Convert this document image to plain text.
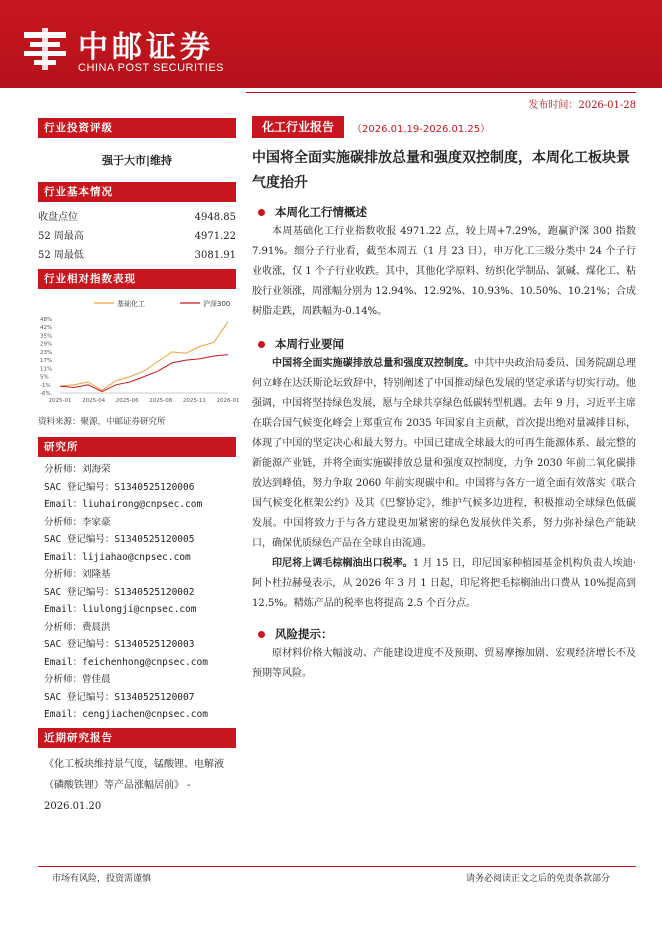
中邮证券
CHINA POST SECURITIES
证券研究报告：基础化工|行业周报
发布时间：2026-01-28
行业投资评级
强于大市|维持
行业基本情况
收盘点位	4948.85
52 周最高	4971.22
52 周最低	3081.91
行业相对指数表现
基础化工	沪深300
48%
42%
35%
29%
23%
17%
11%
5%
-1%
-6%
2025-01 2025-04 2025-06 2025-08 2025-11 2026-01
资料来源：聚源，中邮证券研究所
研究所
分析师：刘海荣
SAC 登记编号：S1340525120006
Email：liuhairong@cnpsec.com
分析师：李家豪
SAC 登记编号：S1340525120005
Email：lijiahao@cnpsec.com
分析师：刘隆基
SAC 登记编号：S1340525120002
Email：liulongji@cnpsec.com
分析师：费晨洪
SAC 登记编号：S1340525120003
Email：feichenhong@cnpsec.com
分析师：曾佳晨
SAC 登记编号：S1340525120007
Email：cengjiachen@cnpsec.com
近期研究报告
《化工板块维持景气度，锰酸锂、电解液（磷酸铁锂）等产品涨幅居前》 - 2026.01.20
化工行业报告	（2026.01.19-2026.01.25）
中国将全面实施碳排放总量和强度双控制度，本周化工板块景气度抬升
本周化工行情概述
本周基础化工行业指数收报 4971.22 点，较上周+7.29%，跑赢沪深 300 指数 7.91%。细分子行业看，截至本周五（1 月 23 日），申万化工三级分类中 24 个子行业收涨，仅 1 个子行业收跌。其中，其他化学原料、纺织化学制品、氯碱、煤化工、粘胶行业领涨，周涨幅分别为 12.94%、12.92%、10.93%、10.50%、10.21%；合成树脂走跌，周跌幅为-0.14%。
本周行业要闻
中国将全面实施碳排放总量和强度双控制度。中共中央政治局委员、国务院副总理何立峰在达沃斯论坛致辞中，特别阐述了中国推动绿色发展的坚定承诺与切实行动。他强调，中国将坚持绿色发展，愿与全球共享绿色低碳转型机遇。去年 9 月，习近平主席在联合国气候变化峰会上郑重宣布 2035 年国家自主贡献，首次提出绝对量减排目标，体现了中国的坚定决心和最大努力。中国已建成全球最大的可再生能源体系、最完整的新能源产业链，并将全面实施碳排放总量和强度双控制度，力争 2030 年前二氧化碳排放达到峰值，努力争取 2060 年前实现碳中和。中国将与各方一道全面有效落实《联合国气候变化框架公约》及其《巴黎协定》，维护气候多边进程，积极推动全球绿色低碳发展。中国将致力于与各方建设更加紧密的绿色发展伙伴关系，努力弥补绿色产能缺口，确保优质绿色产品在全球自由流通。
印尼将上调毛棕榈油出口税率。1 月 15 日，印尼国家种植园基金机构负责人埃迪·阿卜杜拉赫曼表示，从 2026 年 3 月 1 日起，印尼将把毛棕榈油出口费从 10%提高到 12.5%。精炼产品的税率也将提高 2.5 个百分点。
风险提示：
原材料价格大幅波动、产能建设进度不及预期、贸易摩擦加剧、宏观经济增长不及预期等风险。
市场有风险，投资需谨慎	请务必阅读正文之后的免责条款部分
